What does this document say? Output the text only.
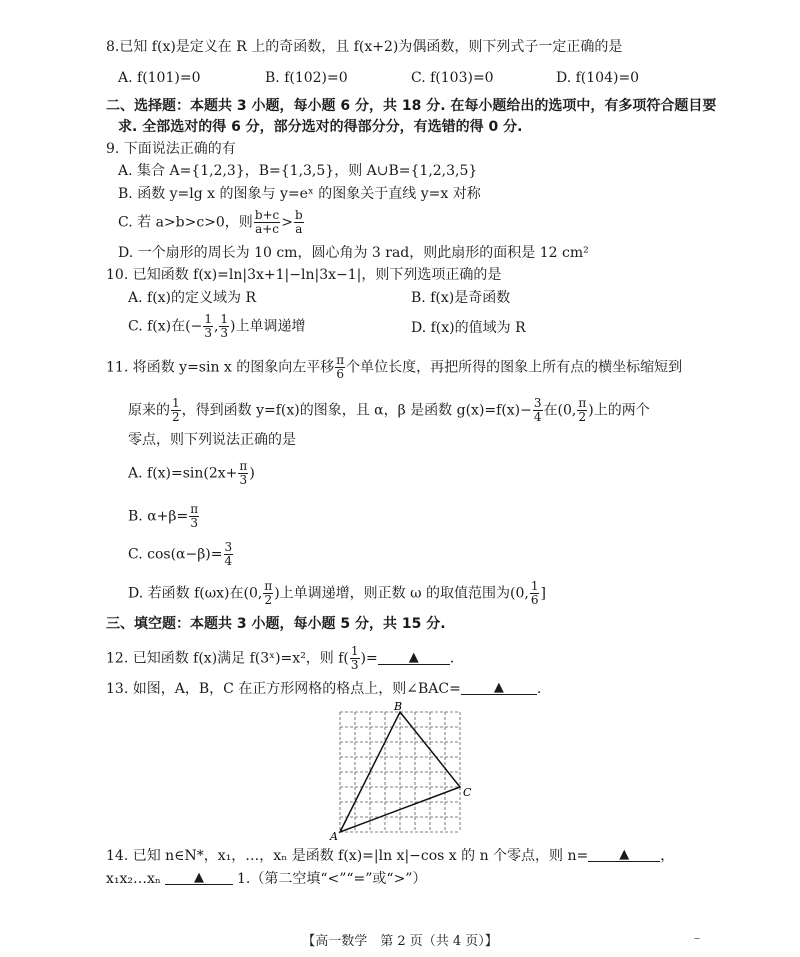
8.已知 f(x)是定义在 R 上的奇函数，且 f(x+2)为偶函数，则下列式子一定正确的是
A. f(101)=0	B. f(102)=0	C. f(103)=0	D. f(104)=0
二、选择题：本题共 3 小题，每小题 6 分，共 18 分. 在每小题给出的选项中，有多项符合题目要
求. 全部选对的得 6 分，部分选对的得部分分，有选错的得 0 分.
9. 下面说法正确的有
A. 集合 A={1,2,3}，B={1,3,5}，则 A∪B={1,2,3,5}
B. 函数 y=lg x 的图象与 y=eˣ 的图象关于直线 y=x 对称
C. 若 a>b>c>0，则 $\frac{b+c}{a+c} > \frac{b}{a}$
D. 一个扇形的周长为 10 cm，圆心角为 3 rad，则此扇形的面积是 12 cm²
10. 已知函数 f(x)=ln|3x+1|−ln|3x−1|，则下列选项正确的是
A. f(x)的定义域为 R	B. f(x)是奇函数
C. f(x)在(− $\frac{1}{3}$ , $\frac{1}{3}$ )上单调递增	D. f(x)的值域为 R
11. 将函数 y=sin x 的图象向左平移 $\frac{\pi}{6}$ 个单位长度，再把所得的图象上所有点的横坐标缩短到
原来的 $\frac{1}{2}$ ，得到函数 y=f(x)的图象，且 α，β 是函数 $g(x)=f(x)- \frac{3}{4}$ 在(0, $\frac{\pi}{2}$ )上的两个
零点，则下列说法正确的是
A. $f(x)=\sin(2x+ \frac{\pi}{3}$ )
B. $\alpha+\beta= \frac{\pi}{3}$
C. $\cos(\alpha-\beta)= \frac{3}{4}$
D. 若函数 f(ωx)在(0, $\frac{\pi}{2}$ )上单调递增，则正数 ω 的取值范围为(0, $\frac{1}{6}$ ]
三、填空题：本题共 3 小题，每小题 5 分，共 15 分.
12. 已知函数 f(x)满足 f(3ˣ)=x²，则 $f( \frac{1}{3}$ )= ▲ .
13. 如图，A，B，C 在正方形网格的格点上，则∠BAC=	▲ .
A
B
C
14. 已知 n∈N*，x₁，…，xₙ 是函数 f(x)=|ln x|−cos x 的 n 个零点，则 n= ▲ ，
x₁x₂…xₙ	▲ 1.（第二空填“<”“=”或“>”）
【高一数学　第 2 页（共 4 页）】	–
